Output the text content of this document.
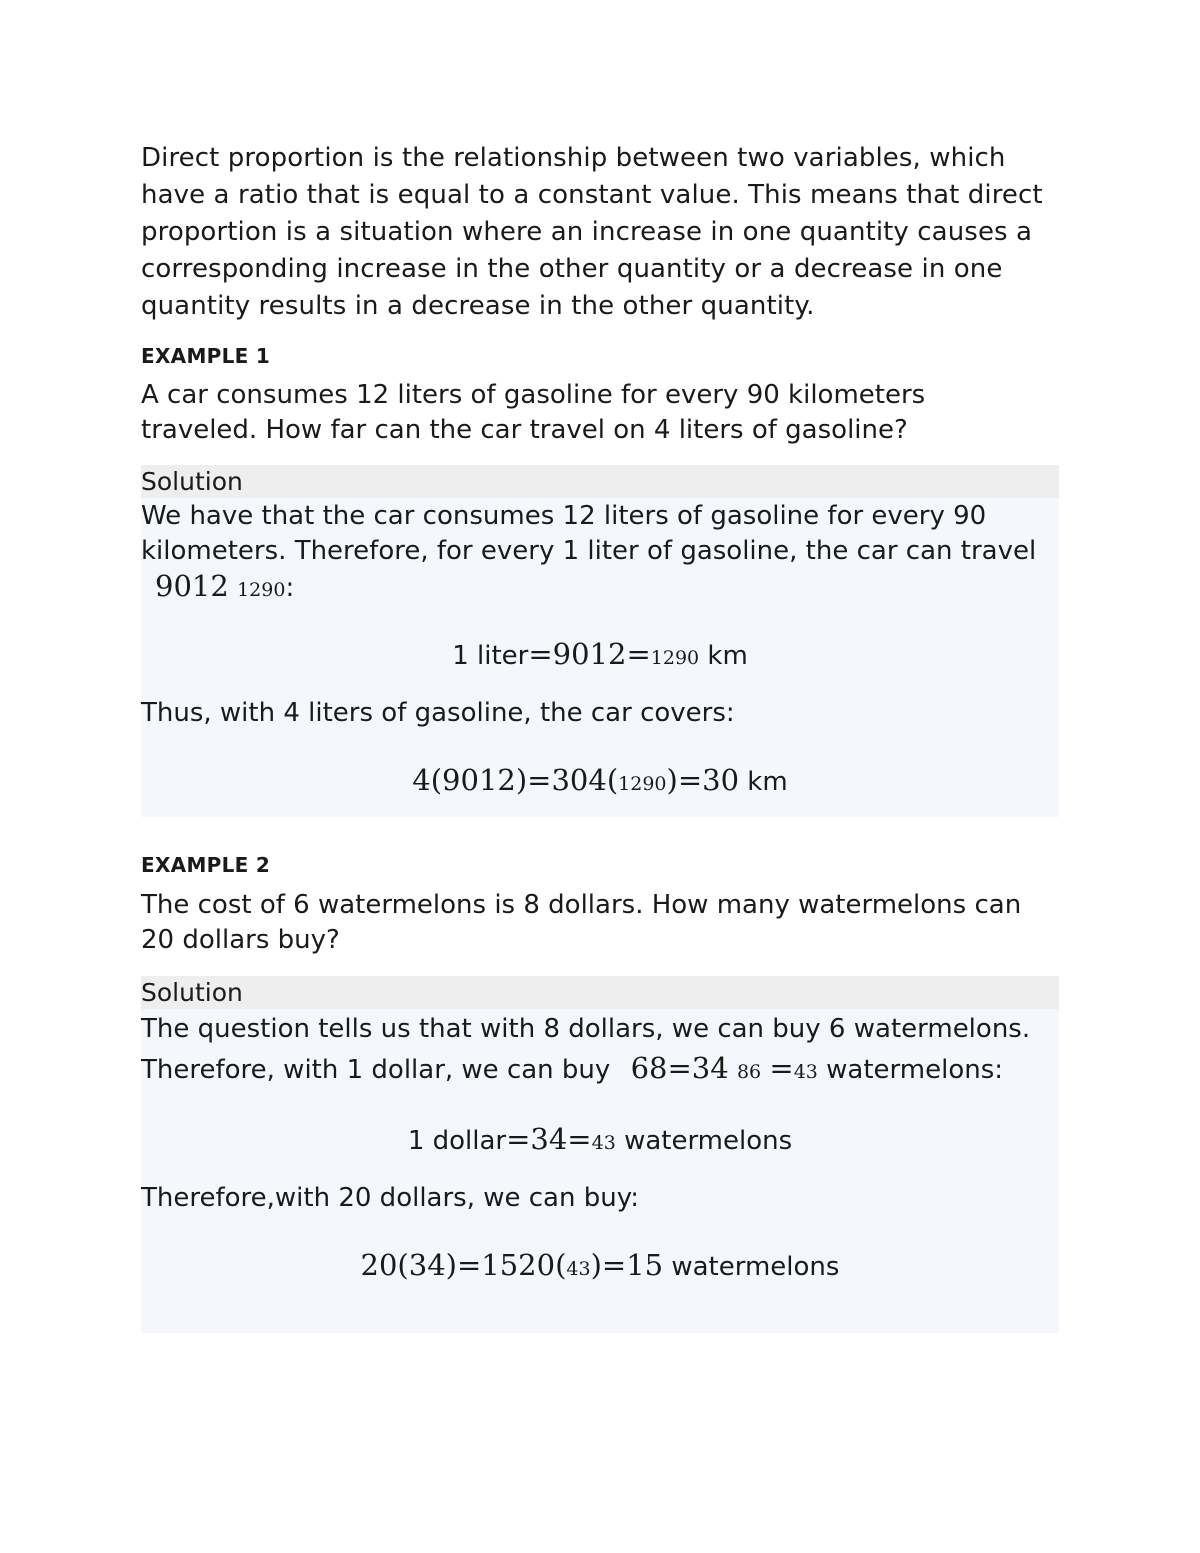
Direct proportion is the relationship between two variables, which have a ratio that is equal to a constant value. This means that direct proportion is a situation where an increase in one quantity causes a corresponding increase in the other quantity or a decrease in one quantity results in a decrease in the other quantity.

EXAMPLE 1

A car consumes 12 liters of gasoline for every 90 kilometers traveled. How far can the car travel on 4 liters of gasoline?

Solution
We have that the car consumes 12 liters of gasoline for every 90 kilometers. Therefore, for every 1 liter of gasoline, the car can travel 9012 1290:
1 liter=9012=1290 km
Thus, with 4 liters of gasoline, the car covers:
4(9012)=304(1290)=30 km

EXAMPLE 2

The cost of 6 watermelons is 8 dollars. How many watermelons can 20 dollars buy?

Solution
The question tells us that with 8 dollars, we can buy 6 watermelons. Therefore, with 1 dollar, we can buy 68=34 86 =43 watermelons:
1 dollar=34=43 watermelons
Therefore,with 20 dollars, we can buy:
20(34)=1520(43)=15 watermelons
